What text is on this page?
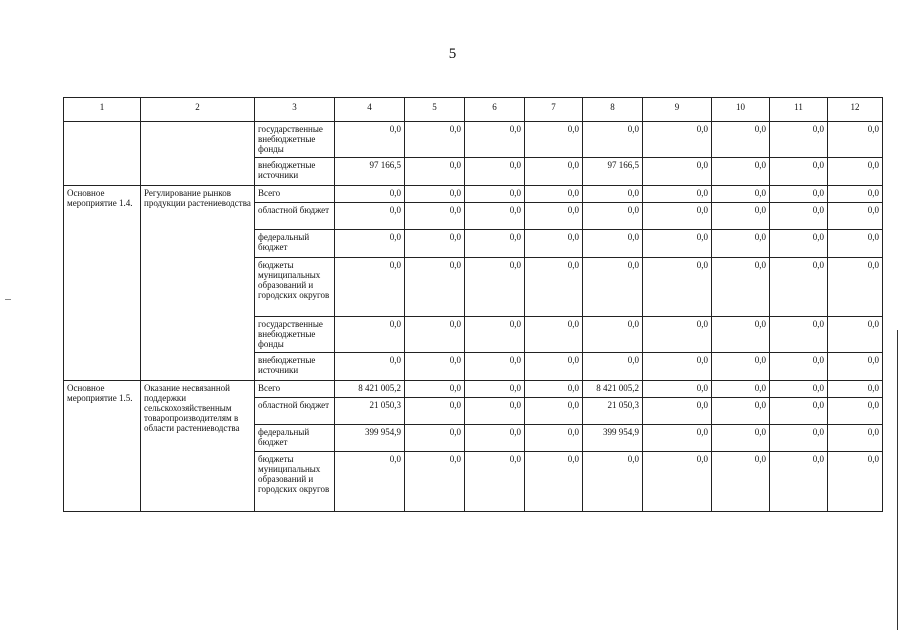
5
1	2	3	4	5	6	7	8	9	10	11	12
		государственные внебюджетные фонды	0,0	0,0	0,0	0,0	0,0	0,0	0,0	0,0	0,0
		внебюджетные источники	97 166,5	0,0	0,0	0,0	97 166,5	0,0	0,0	0,0	0,0
Основное мероприятие 1.4.	Регулирование рынков продукции растениеводства	Всего	0,0	0,0	0,0	0,0	0,0	0,0	0,0	0,0	0,0
		областной бюджет	0,0	0,0	0,0	0,0	0,0	0,0	0,0	0,0	0,0
		федеральный бюджет	0,0	0,0	0,0	0,0	0,0	0,0	0,0	0,0	0,0
		бюджеты муниципальных образований и городских округов	0,0	0,0	0,0	0,0	0,0	0,0	0,0	0,0	0,0
		государственные внебюджетные фонды	0,0	0,0	0,0	0,0	0,0	0,0	0,0	0,0	0,0
		внебюджетные источники	0,0	0,0	0,0	0,0	0,0	0,0	0,0	0,0	0,0
Основное мероприятие 1.5.	Оказание несвязанной поддержки сельскохозяйственным товаропроизводителям в области растениеводства	Всего	8 421 005,2	0,0	0,0	0,0	8 421 005,2	0,0	0,0	0,0	0,0
		областной бюджет	21 050,3	0,0	0,0	0,0	21 050,3	0,0	0,0	0,0	0,0
		федеральный бюджет	399 954,9	0,0	0,0	0,0	399 954,9	0,0	0,0	0,0	0,0
		бюджеты муниципальных образований и городских округов	0,0	0,0	0,0	0,0	0,0	0,0	0,0	0,0	0,0
